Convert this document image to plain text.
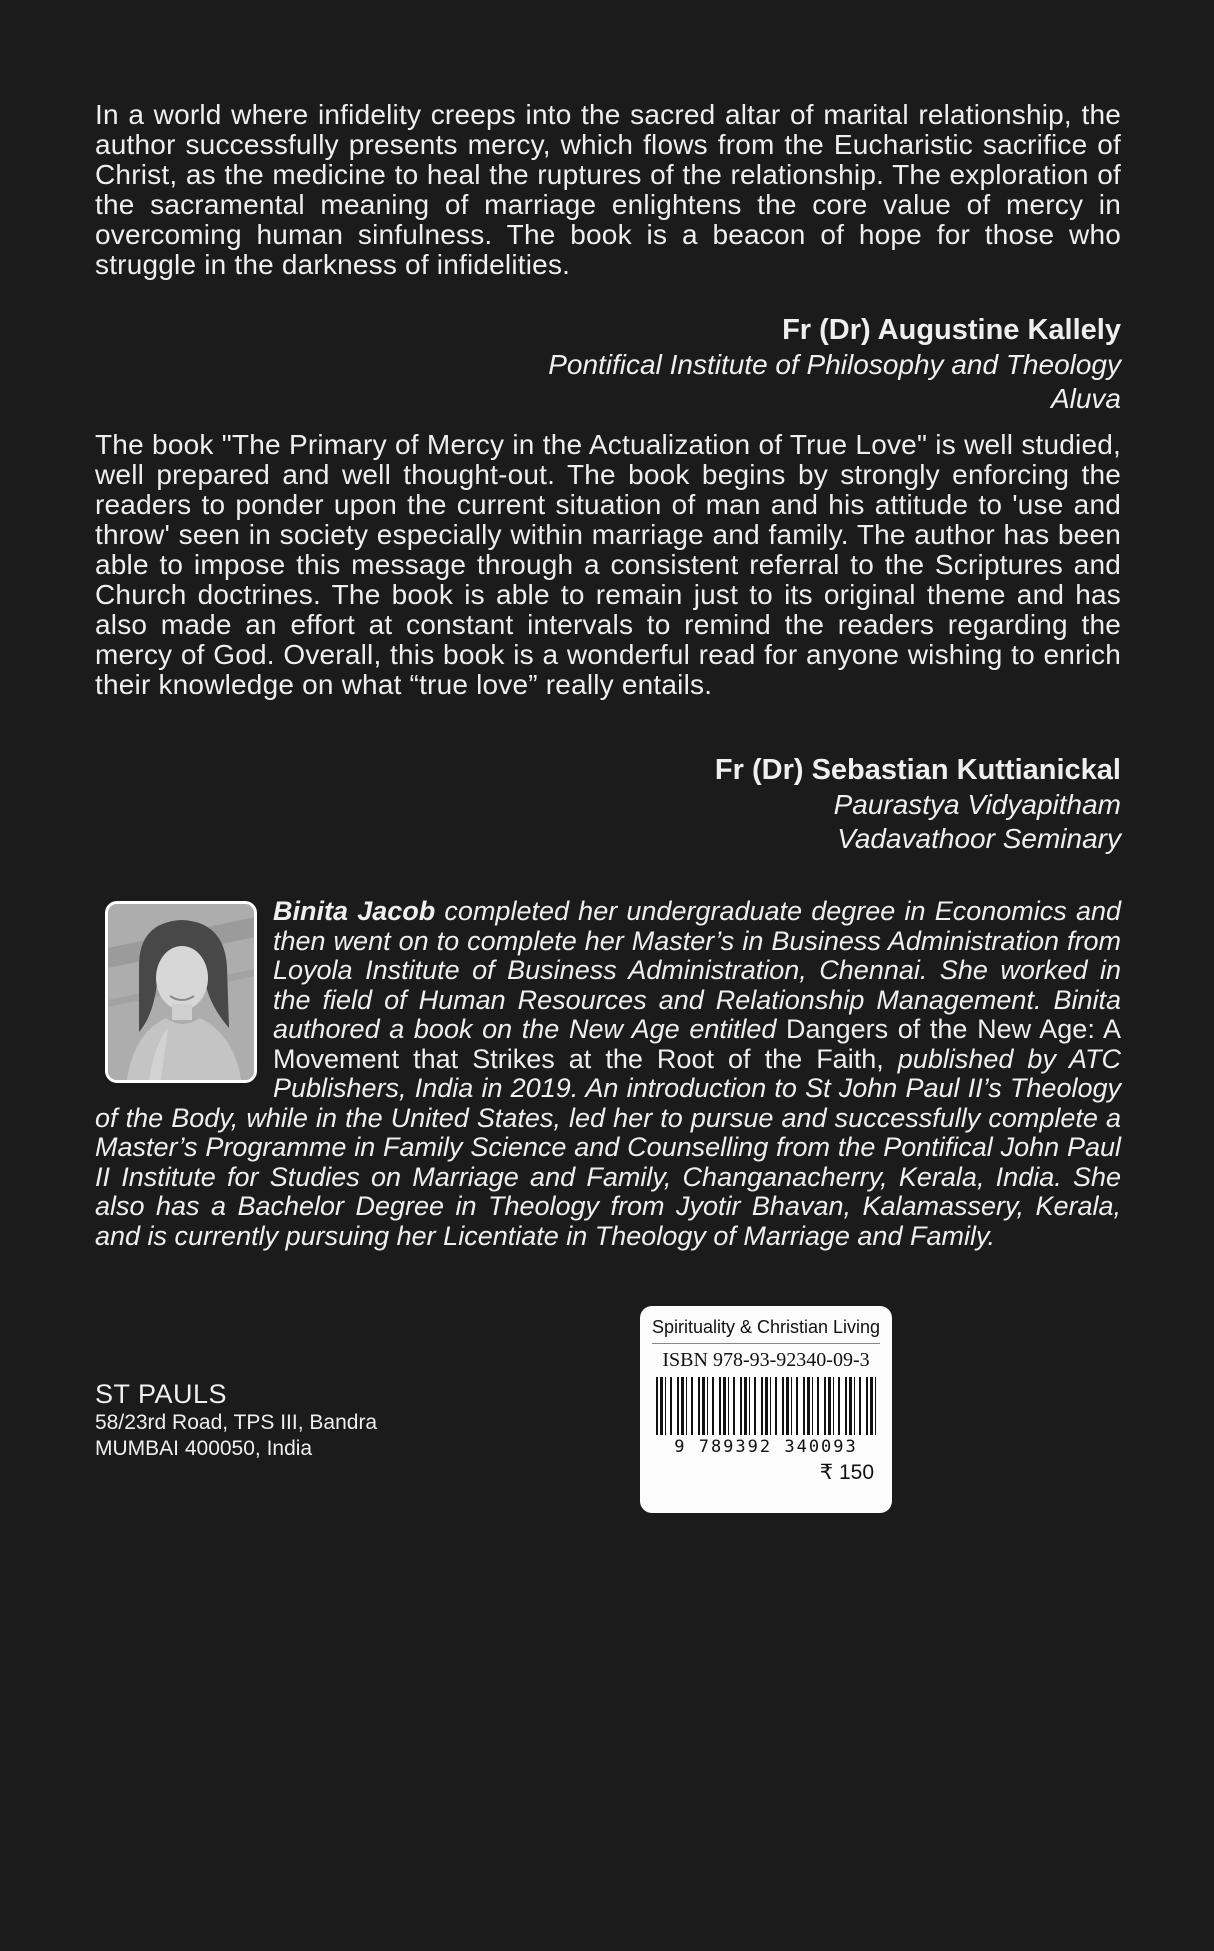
In a world where infidelity creeps into the sacred altar of marital relationship, the author successfully presents mercy, which flows from the Eucharistic sacrifice of Christ, as the medicine to heal the ruptures of the relationship. The exploration of the sacramental meaning of marriage enlightens the core value of mercy in overcoming human sinfulness. The book is a beacon of hope for those who struggle in the darkness of infidelities.
Fr (Dr) Augustine Kallely
Pontifical Institute of Philosophy and Theology
Aluva
The book "The Primary of Mercy in the Actualization of True Love" is well studied, well prepared and well thought-out. The book begins by strongly enforcing the readers to ponder upon the current situation of man and his attitude to 'use and throw' seen in society especially within marriage and family. The author has been able to impose this message through a consistent referral to the Scriptures and Church doctrines. The book is able to remain just to its original theme and has also made an effort at constant intervals to remind the readers regarding the mercy of God. Overall, this book is a wonderful read for anyone wishing to enrich their knowledge on what “true love” really entails.
Fr (Dr) Sebastian Kuttianickal
Paurastya Vidyapitham
Vadavathoor Seminary

Binita Jacob completed her undergraduate degree in Economics and then went on to complete her Master’s in Business Administration from Loyola Institute of Business Administration, Chennai. She worked in the field of Human Resources and Relationship Management. Binita authored a book on the New Age entitled Dangers of the New Age: A Movement that Strikes at the Root of the Faith, published by ATC Publishers, India in 2019. An introduction to St John Paul II’s Theology of the Body, while in the United States, led her to pursue and successfully complete a Master’s Programme in Family Science and Counselling from the Pontifical John Paul II Institute for Studies on Marriage and Family, Changanacherry, Kerala, India. She also has a Bachelor Degree in Theology from Jyotir Bhavan, Kalamassery, Kerala, and is currently pursuing her Licentiate in Theology of Marriage and Family.

ST PAULS
58/23rd Road, TPS III, Bandra
MUMBAI 400050, India
Spirituality & Christian Living
ISBN 978-93-92340-09-3
9 789392 340093
₹ 150
